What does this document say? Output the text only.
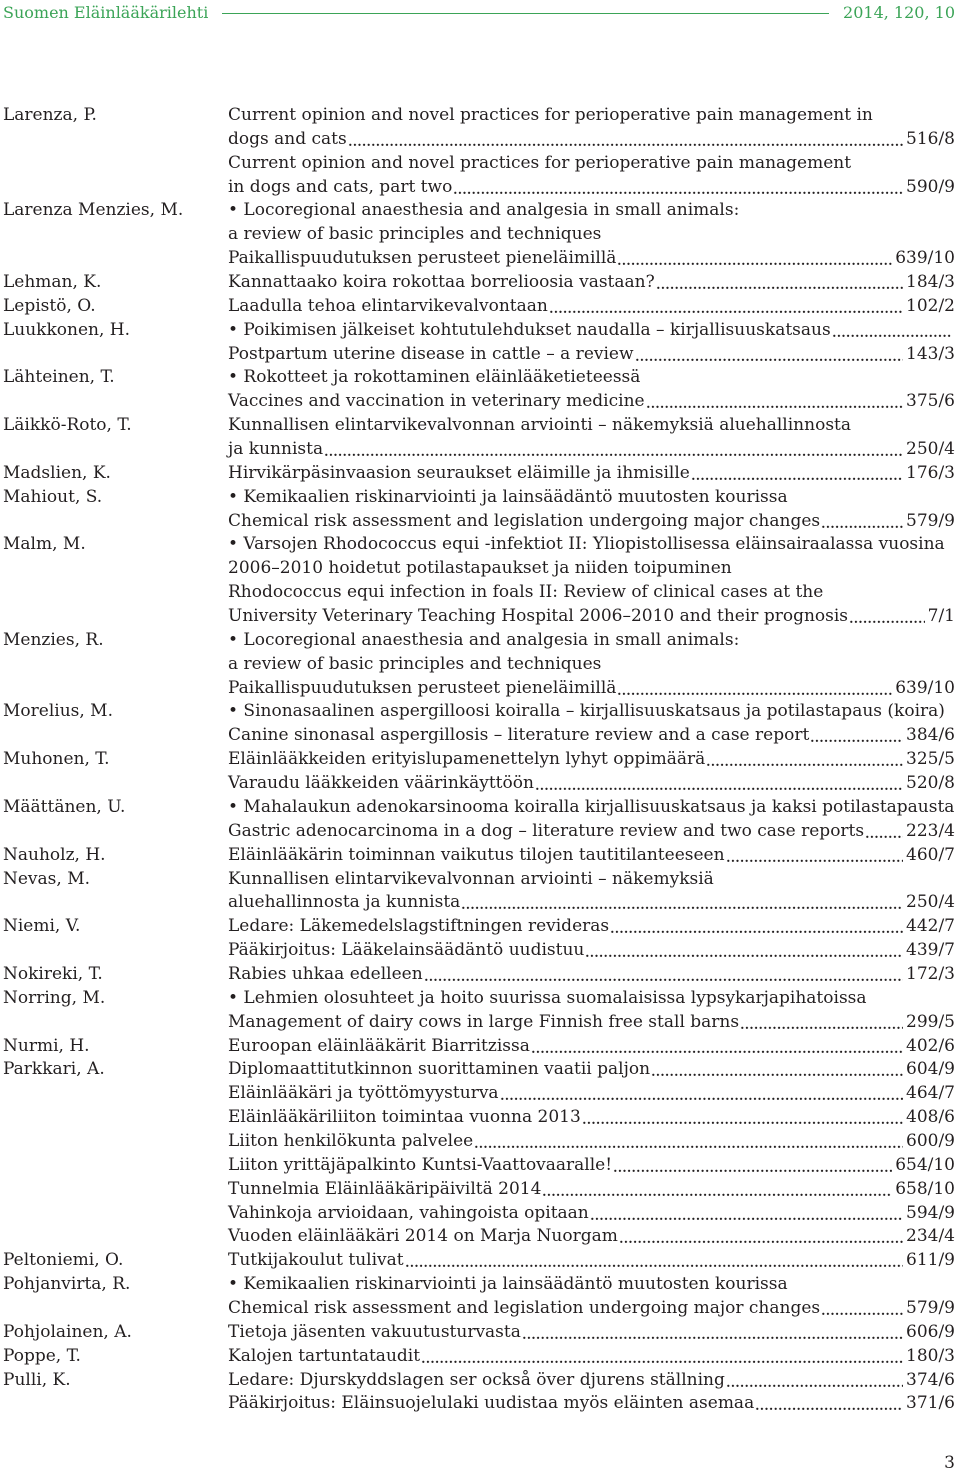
Suomen Eläinlääkärilehti	2014, 120, 10
Larenza, P.	Current opinion and novel practices for perioperative pain management in
dogs and cats	516/8
Current opinion and novel practices for perioperative pain management
in dogs and cats, part two	590/9
Larenza Menzies, M.	• Locoregional anaesthesia and analgesia in small animals:
a review of basic principles and techniques
Paikallispuudutuksen perusteet pieneläimillä	639/10
Lehman, K.	Kannattaako koira rokottaa borrelioosia vastaan?	184/3
Lepistö, O.	Laadulla tehoa elintarvikevalvontaan	102/2
Luukkonen, H.	• Poikimisen jälkeiset kohtutulehdukset naudalla – kirjallisuuskatsaus
Postpartum uterine disease in cattle – a review	143/3
Lähteinen, T.	• Rokotteet ja rokottaminen eläinlääketieteessä
Vaccines and vaccination in veterinary medicine	375/6
Läikkö-Roto, T.	Kunnallisen elintarvikevalvonnan arviointi – näkemyksiä aluehallinnosta
ja kunnista	250/4
Madslien, K.	Hirvikärpäsinvaasion seuraukset eläimille ja ihmisille	176/3
Mahiout, S.	• Kemikaalien riskinarviointi ja lainsäädäntö muutosten kourissa
Chemical risk assessment and legislation undergoing major changes	579/9
Malm, M.	• Varsojen Rhodococcus equi -infektiot II: Yliopistollisessa eläinsairaalassa vuosina
2006–2010 hoidetut potilastapaukset ja niiden toipuminen
Rhodococcus equi infection in foals II: Review of clinical cases at the
University Veterinary Teaching Hospital 2006–2010 and their prognosis	7/1
Menzies, R.	• Locoregional anaesthesia and analgesia in small animals:
a review of basic principles and techniques
Paikallispuudutuksen perusteet pieneläimillä	639/10
Morelius, M.	• Sinonasaalinen aspergilloosi koiralla – kirjallisuuskatsaus ja potilastapaus (koira)
Canine sinonasal aspergillosis – literature review and a case report	384/6
Muhonen, T.	Eläinlääkkeiden erityislupamenettelyn lyhyt oppimäärä	325/5
Varaudu lääkkeiden väärinkäyttöön	520/8
Määttänen, U.	• Mahalaukun adenokarsinooma koiralla kirjallisuuskatsaus ja kaksi potilastapausta
Gastric adenocarcinoma in a dog – literature review and two case reports 223/4
Nauholz, H.	Eläinlääkärin toiminnan vaikutus tilojen tautitilanteeseen	460/7
Nevas, M.	Kunnallisen elintarvikevalvonnan arviointi – näkemyksiä
aluehallinnosta ja kunnista	250/4
Niemi, V.	Ledare: Läkemedelslagstiftningen revideras	442/7
Pääkirjoitus: Lääkelainsäädäntö uudistuu	439/7
Nokireki, T.	Rabies uhkaa edelleen	172/3
Norring, M.	• Lehmien olosuhteet ja hoito suurissa suomalaisissa lypsykarjapihatoissa
Management of dairy cows in large Finnish free stall barns	299/5
Nurmi, H.	Euroopan eläinlääkärit Biarritzissa	402/6
Parkkari, A.	Diplomaattitutkinnon suorittaminen vaatii paljon	604/9
Eläinlääkäri ja työttömyysturva	464/7
Eläinlääkäriliiton toimintaa vuonna 2013	408/6
Liiton henkilökunta palvelee	600/9
Liiton yrittäjäpalkinto Kuntsi-Vaattovaaralle!	654/10
Tunnelmia Eläinlääkäripäiviltä 2014	658/10
Vahinkoja arvioidaan, vahingoista opitaan	594/9
Vuoden eläinlääkäri 2014 on Marja Nuorgam	234/4
Peltoniemi, O.	Tutkijakoulut tulivat	611/9
Pohjanvirta, R.	• Kemikaalien riskinarviointi ja lainsäädäntö muutosten kourissa
Chemical risk assessment and legislation undergoing major changes	579/9
Pohjolainen, A.	Tietoja jäsenten vakuutusturvasta	606/9
Poppe, T.	Kalojen tartuntataudit	180/3
Pulli, K.	Ledare: Djurskyddslagen ser också över djurens ställning	374/6
Pääkirjoitus: Eläinsuojelulaki uudistaa myös eläinten asemaa	371/6
3
